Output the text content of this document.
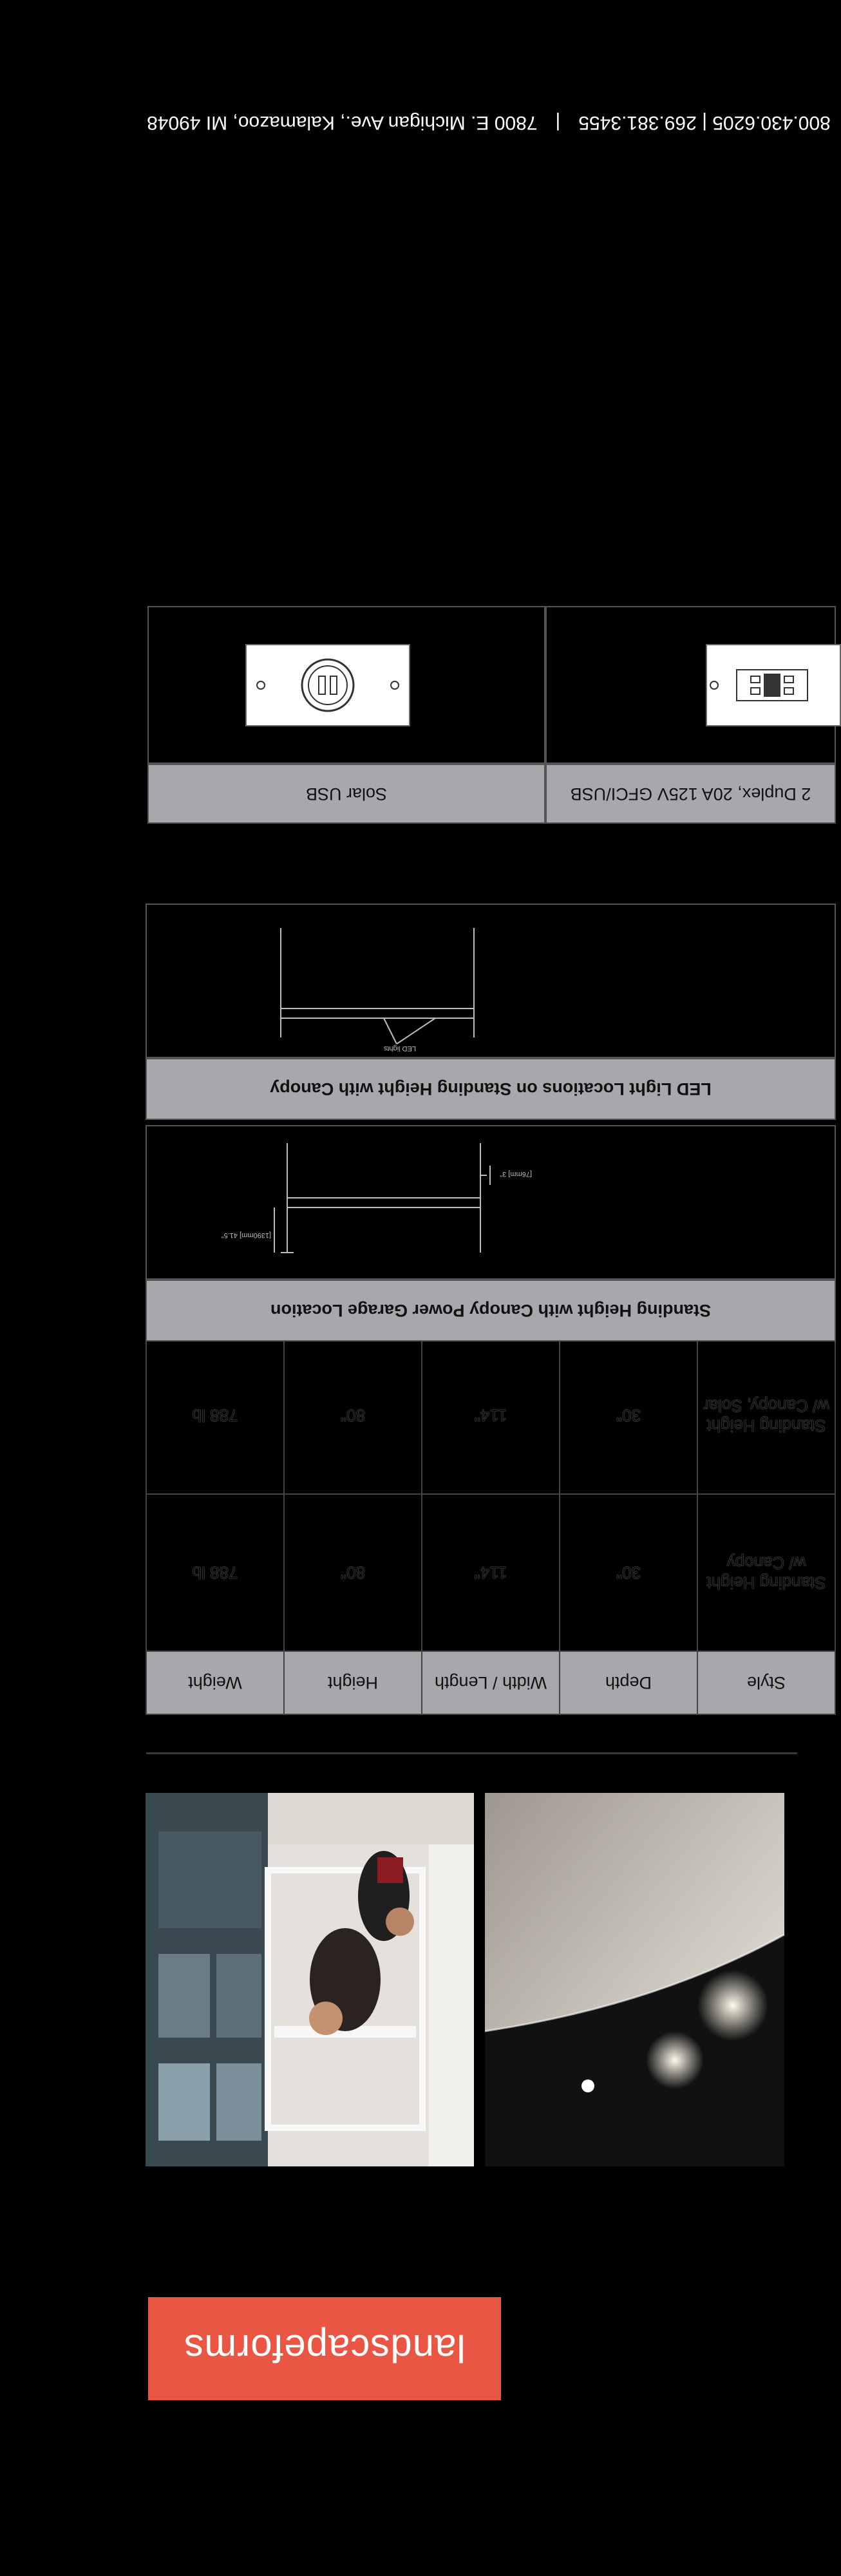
landscapeforms
Style	Depth	Width / Length	Height	Weight
Standing Height w/ Canopy	30"	114"	80"	788 lb
Standing Height w/ Canopy, Solar	30"	114"	80"	788 lb
Standing Height with Canopy Power Garage Location
[1390mm] 41.5"
[76mm] 3"
LED Light Locations on Standing Height with Canopy
LED lights
Solar USB	2 Duplex, 20A 125V GFCI/USB
800.430.6205 | 269.381.3455
|
7800 E. Michigan Ave., Kalamazoo, MI 49048
